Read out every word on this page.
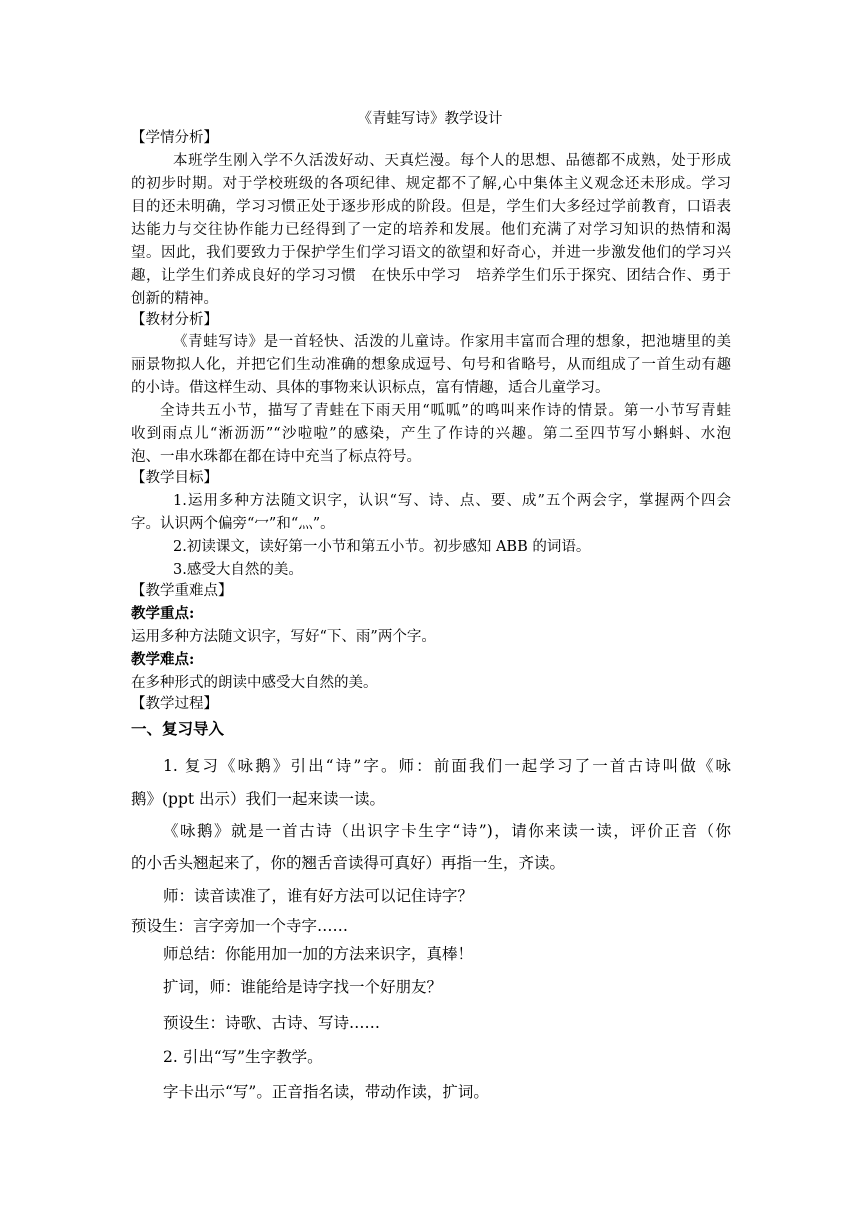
《青蛙写诗》教学设计
【学情分析】
本班学生刚入学不久活泼好动、天真烂漫。每个人的思想、品德都不成熟，处于形成
的初步时期。对于学校班级的各项纪律、规定都不了解,心中集体主义观念还未形成。学习
目的还未明确，学习习惯正处于逐步形成的阶段。但是，学生们大多经过学前教育，口语表
达能力与交往协作能力已经得到了一定的培养和发展。他们充满了对学习知识的热情和渴
望。因此，我们要致力于保护学生们学习语文的欲望和好奇心，并进一步激发他们的学习兴
趣，让学生们养成良好的学习习惯　在快乐中学习　培养学生们乐于探究、团结合作、勇于
创新的精神。
【教材分析】
《青蛙写诗》是一首轻快、活泼的儿童诗。作家用丰富而合理的想象，把池塘里的美
丽景物拟人化，并把它们生动准确的想象成逗号、句号和省略号，从而组成了一首生动有趣
的小诗。借这样生动、具体的事物来认识标点，富有情趣，适合儿童学习。
全诗共五小节，描写了青蛙在下雨天用“呱呱”的鸣叫来作诗的情景。第一小节写青蛙
收到雨点儿“淅沥沥”“沙啦啦”的感染，产生了作诗的兴趣。第二至四节写小蝌蚪、水泡
泡、一串水珠都在都在诗中充当了标点符号。
【教学目标】
1.运用多种方法随文识字，认识“写、诗、点、要、成”五个两会字，掌握两个四会
字。认识两个偏旁“冖”和“灬”。
2.初读课文，读好第一小节和第五小节。初步感知 ABB 的词语。
3.感受大自然的美。
【教学重难点】
教学重点:
运用多种方法随文识字，写好“下、雨”两个字。
教学难点:
在多种形式的朗读中感受大自然的美。
【教学过程】
一、复习导入
1. 复习《咏鹅》引出“诗”字。师：前面我们一起学习了一首古诗叫做《咏
鹅》(ppt 出示）我们一起来读一读。
《咏鹅》就是一首古诗（出识字卡生字“诗”)，请你来读一读，评价正音（你
的小舌头翘起来了，你的翘舌音读得可真好）再指一生，齐读。
师：读音读准了，谁有好方法可以记住诗字？
预设生：言字旁加一个寺字……
师总结：你能用加一加的方法来识字，真棒！
扩词，师：谁能给是诗字找一个好朋友？
预设生：诗歌、古诗、写诗……
2. 引出“写”生字教学。
字卡出示“写”。正音指名读，带动作读，扩词。
